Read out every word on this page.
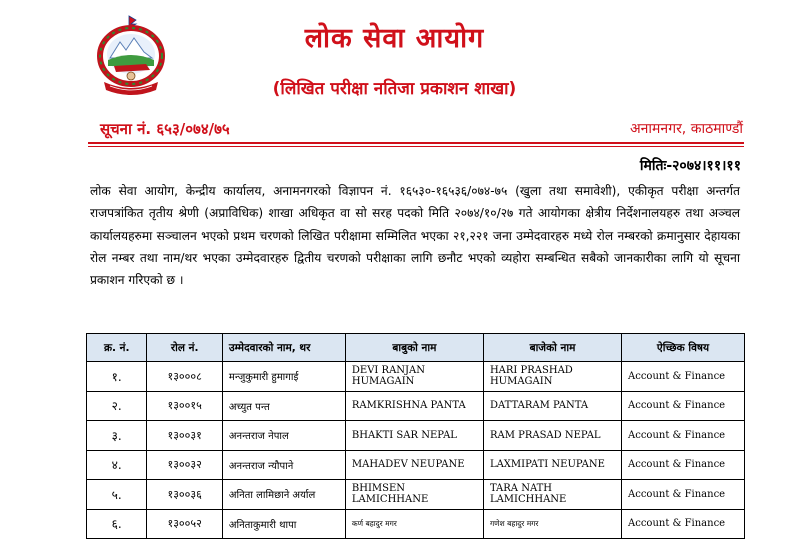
लोक सेवा आयोग
(लिखित परीक्षा नतिजा प्रकाशन शाखा)
सूचना नं. ६५३/०७४/७५	अनामनगर, काठमाण्डौं
मितिः-२०७४।११।११

लोक सेवा आयोग, केन्द्रीय कार्यालय, अनामनगरको विज्ञापन नं. १६५३०-१६५३६/०७४-७५ (खुला तथा समावेशी), एकीकृत परीक्षा अन्तर्गत राजपत्रांकित तृतीय श्रेणी (अप्राविधिक) शाखा अधिकृत वा सो सरह पदको मिति २०७४/१०/२७ गते आयोगका क्षेत्रीय निर्देशनालयहरु तथा अञ्चल कार्यालयहरुमा सञ्चालन भएको प्रथम चरणको लिखित परीक्षामा सम्मिलित भएका २१,२२१ जना उम्मेदवारहरु मध्ये रोल नम्बरको क्रमानुसार देहायका रोल नम्बर तथा नाम/थर भएका उम्मेदवारहरु द्वितीय चरणको परीक्षाका लागि छनौट भएको व्यहोरा सम्बन्धित सबैको जानकारीका लागि यो सूचना प्रकाशन गरिएको छ ।

क्र. नं.	रोल नं.	उम्मेदवारको नाम, थर	बाबुको नाम	बाजेको नाम	ऐच्छिक विषय
१.	१३०००८	मन्जुकुमारी हुमागाई	DEVI RANJAN HUMAGAIN	HARI PRASHAD HUMAGAIN	Account & Finance
२.	१३००१५	अच्युत पन्त	RAMKRISHNA PANTA	DATTARAM PANTA	Account & Finance
३.	१३००३१	अनन्तराज नेपाल	BHAKTI SAR NEPAL	RAM PRASAD NEPAL	Account & Finance
४.	१३००३२	अनन्तराज न्यौपाने	MAHADEV NEUPANE	LAXMIPATI NEUPANE	Account & Finance
५.	१३००३६	अनिता लामिछाने अर्याल	BHIMSEN LAMICHHANE	TARA NATH LAMICHHANE	Account & Finance
६.	१३००५२	अनिताकुमारी थापा	कर्ण बहादुर मगर	गणेश बहादुर मगर	Account & Finance
